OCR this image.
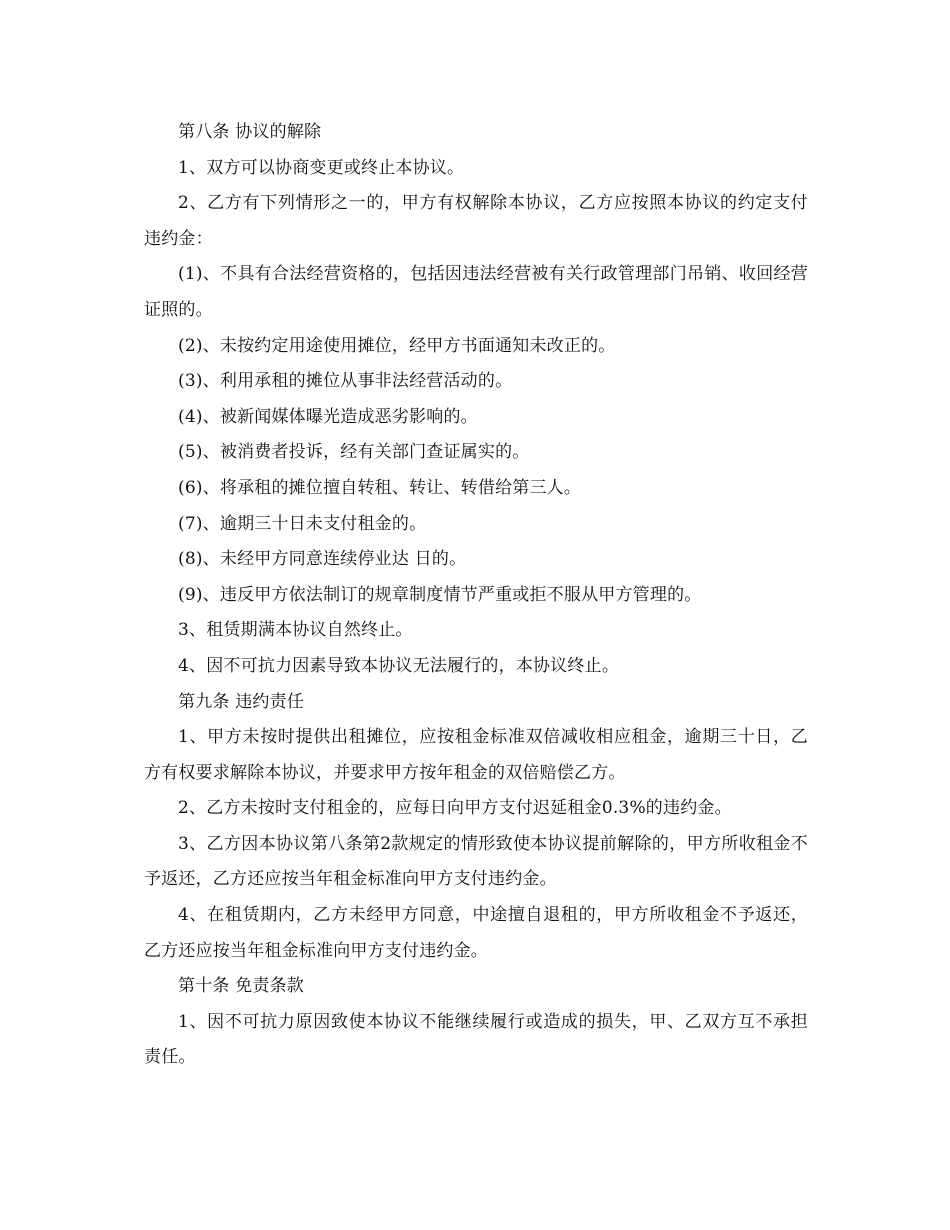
第八条 协议的解除

1、双方可以协商变更或终止本协议。

2、乙方有下列情形之一的，甲方有权解除本协议，乙方应按照本协议的约定支付违约金：

(1)、不具有合法经营资格的，包括因违法经营被有关行政管理部门吊销、收回经营证照的。

(2)、未按约定用途使用摊位，经甲方书面通知未改正的。

(3)、利用承租的摊位从事非法经营活动的。

(4)、被新闻媒体曝光造成恶劣影响的。

(5)、被消费者投诉，经有关部门查证属实的。

(6)、将承租的摊位擅自转租、转让、转借给第三人。

(7)、逾期三十日未支付租金的。

(8)、未经甲方同意连续停业达 日的。

(9)、违反甲方依法制订的规章制度情节严重或拒不服从甲方管理的。

3、租赁期满本协议自然终止。

4、因不可抗力因素导致本协议无法履行的，本协议终止。

第九条 违约责任

1、甲方未按时提供出租摊位，应按租金标准双倍减收相应租金，逾期三十日，乙方有权要求解除本协议，并要求甲方按年租金的双倍赔偿乙方。

2、乙方未按时支付租金的，应每日向甲方支付迟延租金0.3%的违约金。

3、乙方因本协议第八条第2款规定的情形致使本协议提前解除的，甲方所收租金不予返还，乙方还应按当年租金标准向甲方支付违约金。

4、在租赁期内，乙方未经甲方同意，中途擅自退租的，甲方所收租金不予返还，乙方还应按当年租金标准向甲方支付违约金。

第十条 免责条款

1、因不可抗力原因致使本协议不能继续履行或造成的损失，甲、乙双方互不承担责任。
